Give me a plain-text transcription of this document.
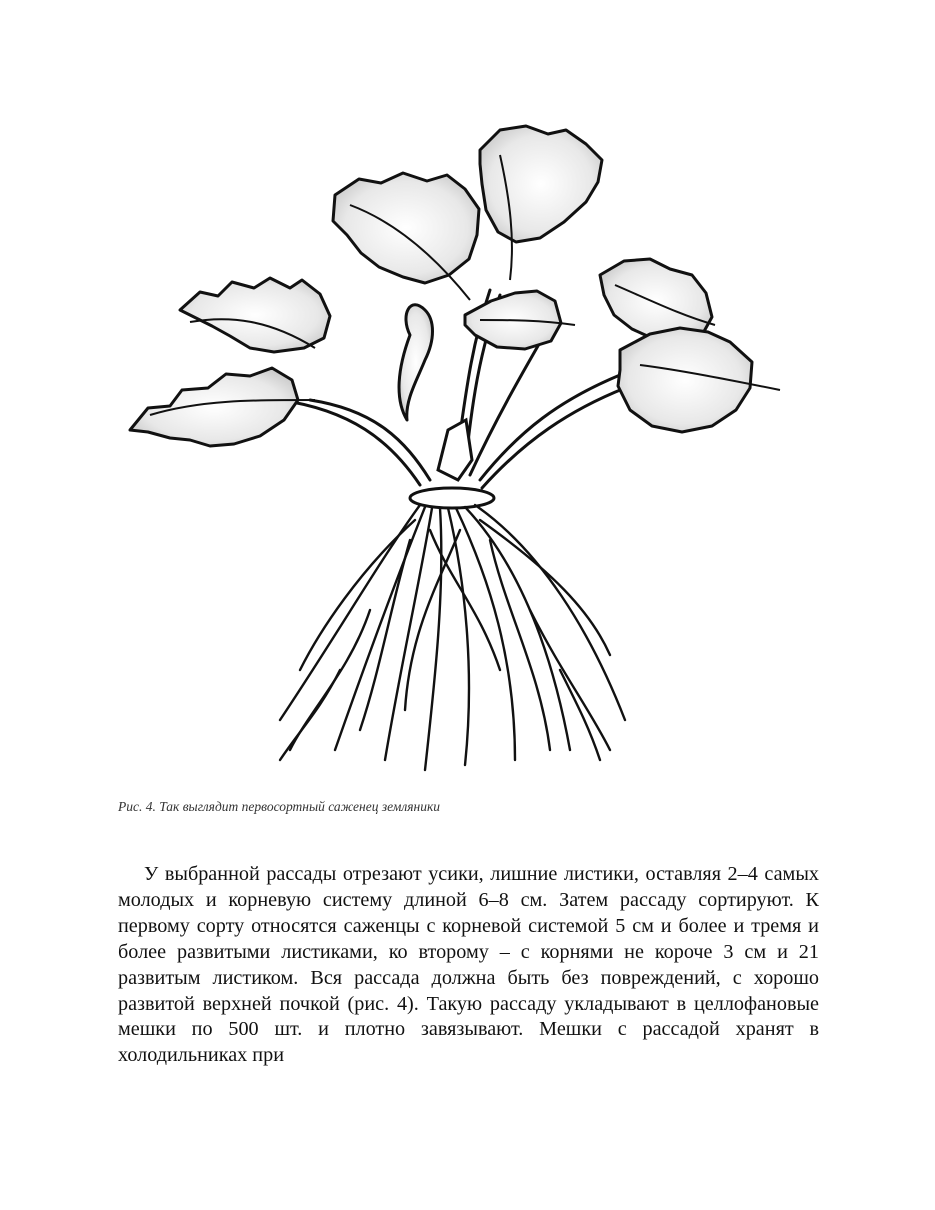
Рис. 4. Так выглядит первосортный саженец земляники

У выбранной рассады отрезают усики, лишние листики, оставляя 2–4 самых молодых и корневую систему длиной 6–8 см. Затем рассаду сортируют. К первому сорту относятся саженцы с корневой системой 5 см и более и тремя и более развитыми листиками, ко второму – с корнями не короче 3 см и 21 развитым листиком. Вся рассада должна быть без повреждений, с хорошо развитой верхней почкой (рис. 4). Такую рассаду укладывают в целлофановые мешки по 500 шт. и плотно завязывают. Мешки с рассадой хранят в холодильниках при
